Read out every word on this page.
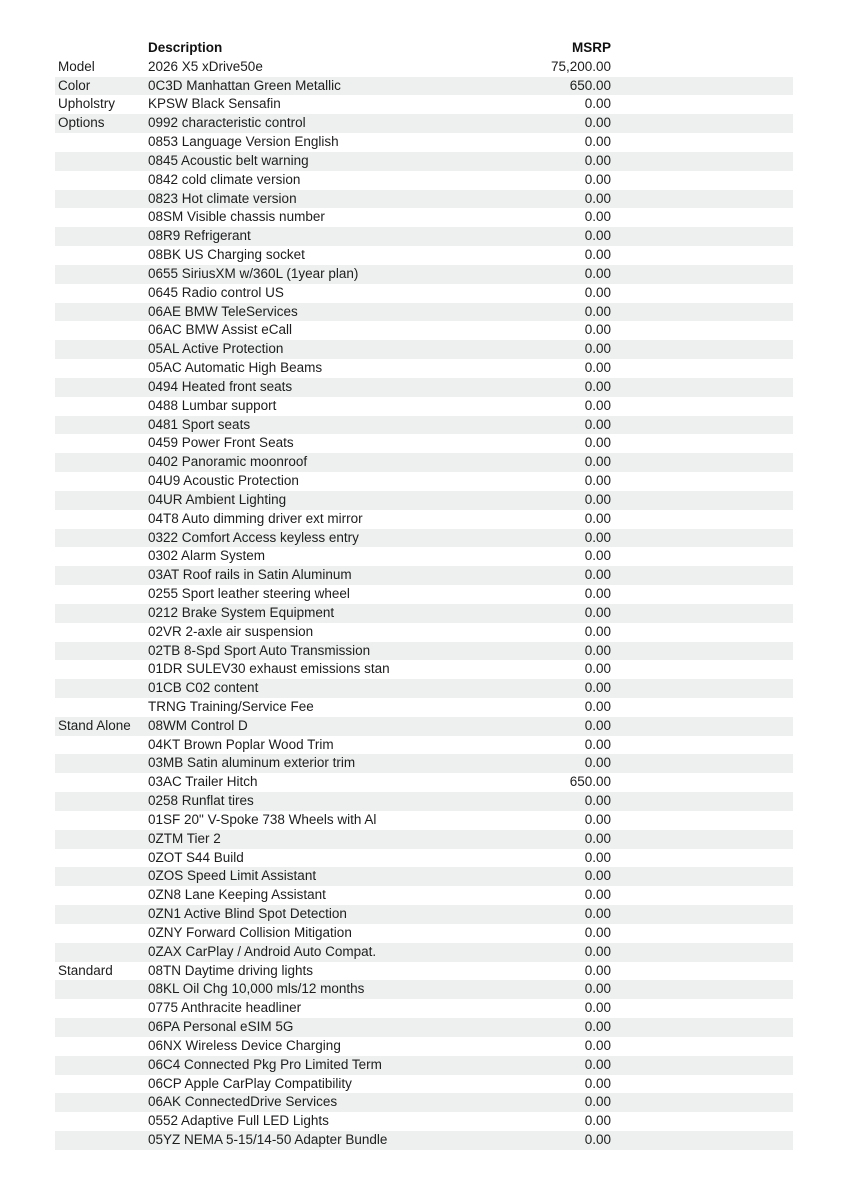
Description	MSRP
Model	2026 X5 xDrive50e	75,200.00
Color	0C3D Manhattan Green Metallic	650.00
Upholstry	KPSW Black Sensafin	0.00
Options	0992 characteristic control	0.00
0853 Language Version English	0.00
0845 Acoustic belt warning	0.00
0842 cold climate version	0.00
0823 Hot climate version	0.00
08SM Visible chassis number	0.00
08R9 Refrigerant	0.00
08BK US Charging socket	0.00
0655 SiriusXM w/360L (1year plan)	0.00
0645 Radio control US	0.00
06AE BMW TeleServices	0.00
06AC BMW Assist eCall	0.00
05AL Active Protection	0.00
05AC Automatic High Beams	0.00
0494 Heated front seats	0.00
0488 Lumbar support	0.00
0481 Sport seats	0.00
0459 Power Front Seats	0.00
0402 Panoramic moonroof	0.00
04U9 Acoustic Protection	0.00
04UR Ambient Lighting	0.00
04T8 Auto dimming driver ext mirror	0.00
0322 Comfort Access keyless entry	0.00
0302 Alarm System	0.00
03AT Roof rails in Satin Aluminum	0.00
0255 Sport leather steering wheel	0.00
0212 Brake System Equipment	0.00
02VR 2-axle air suspension	0.00
02TB 8-Spd Sport Auto Transmission	0.00
01DR SULEV30 exhaust emissions stan	0.00
01CB C02 content	0.00
TRNG Training/Service Fee	0.00
Stand Alone	08WM Control D	0.00
04KT Brown Poplar Wood Trim	0.00
03MB Satin aluminum exterior trim	0.00
03AC Trailer Hitch	650.00
0258 Runflat tires	0.00
01SF 20" V-Spoke 738 Wheels with Al	0.00
0ZTM Tier 2	0.00
0ZOT S44 Build	0.00
0ZOS Speed Limit Assistant	0.00
0ZN8 Lane Keeping Assistant	0.00
0ZN1 Active Blind Spot Detection	0.00
0ZNY Forward Collision Mitigation	0.00
0ZAX CarPlay / Android Auto Compat.	0.00
Standard	08TN Daytime driving lights	0.00
08KL Oil Chg 10,000 mls/12 months	0.00
0775 Anthracite headliner	0.00
06PA Personal eSIM 5G	0.00
06NX Wireless Device Charging	0.00
06C4 Connected Pkg Pro Limited Term	0.00
06CP Apple CarPlay Compatibility	0.00
06AK ConnectedDrive Services	0.00
0552 Adaptive Full LED Lights	0.00
05YZ NEMA 5-15/14-50 Adapter Bundle	0.00
